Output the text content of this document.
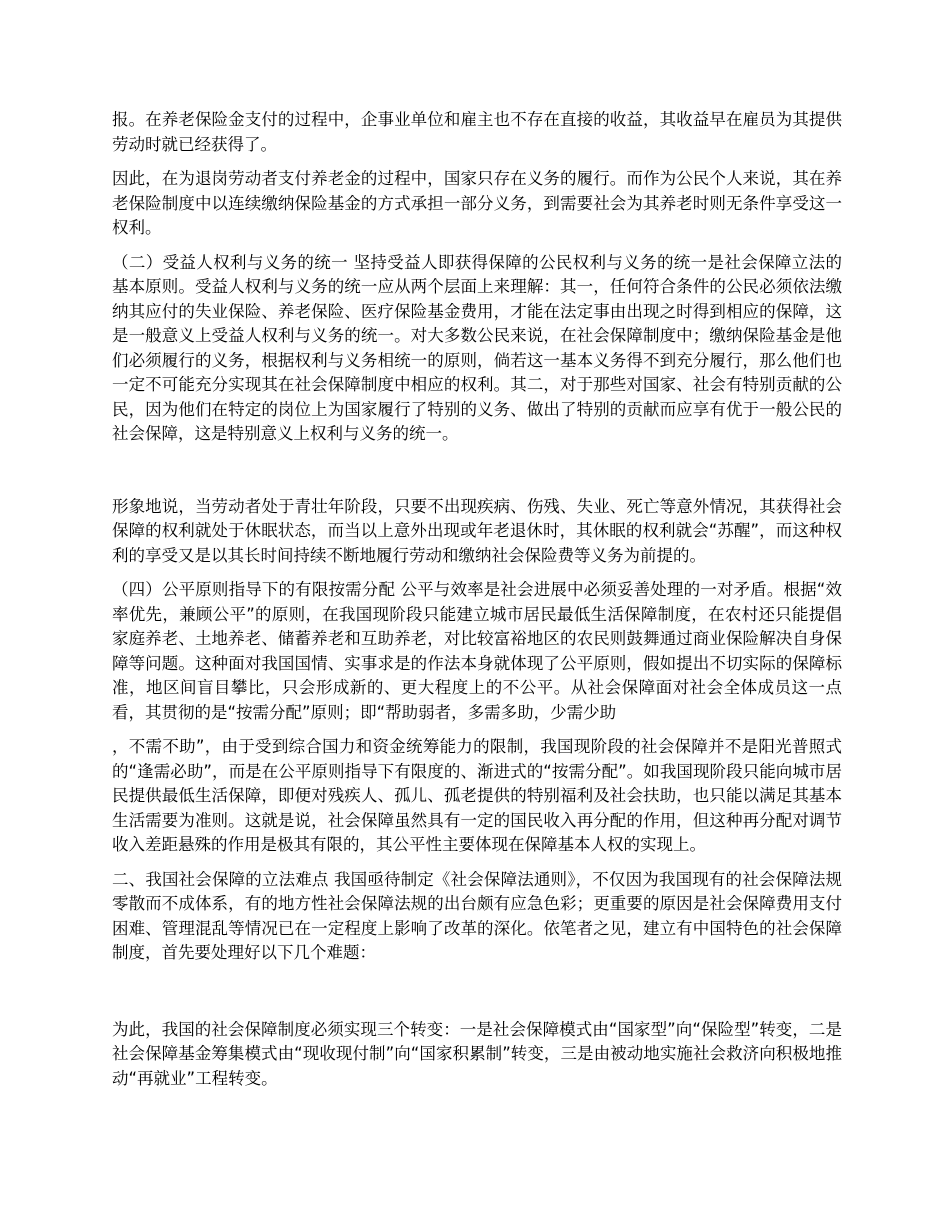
报。在养老保险金支付的过程中，企事业单位和雇主也不存在直接的收益，其收益早在雇员为其提供劳动时就已经获得了。

因此，在为退岗劳动者支付养老金的过程中，国家只存在义务的履行。而作为公民个人来说，其在养老保险制度中以连续缴纳保险基金的方式承担一部分义务，到需要社会为其养老时则无条件享受这一权利。

（二）受益人权利与义务的统一 坚持受益人即获得保障的公民权利与义务的统一是社会保障立法的基本原则。受益人权利与义务的统一应从两个层面上来理解：其一，任何符合条件的公民必须依法缴纳其应付的失业保险、养老保险、医疗保险基金费用，才能在法定事由出现之时得到相应的保障，这是一般意义上受益人权利与义务的统一。对大多数公民来说，在社会保障制度中；缴纳保险基金是他们必须履行的义务，根据权利与义务相统一的原则，倘若这一基本义务得不到充分履行，那么他们也一定不可能充分实现其在社会保障制度中相应的权利。其二，对于那些对国家、社会有特别贡献的公民，因为他们在特定的岗位上为国家履行了特别的义务、做出了特别的贡献而应享有优于一般公民的社会保障，这是特别意义上权利与义务的统一。

形象地说，当劳动者处于青壮年阶段，只要不出现疾病、伤残、失业、死亡等意外情况，其获得社会保障的权利就处于休眠状态，而当以上意外出现或年老退休时，其休眠的权利就会“苏醒”，而这种权利的享受又是以其长时间持续不断地履行劳动和缴纳社会保险费等义务为前提的。

（四）公平原则指导下的有限按需分配 公平与效率是社会进展中必须妥善处理的一对矛盾。根据“效率优先，兼顾公平”的原则，在我国现阶段只能建立城市居民最低生活保障制度，在农村还只能提倡家庭养老、土地养老、储蓄养老和互助养老，对比较富裕地区的农民则鼓舞通过商业保险解决自身保障等问题。这种面对我国国情、实事求是的作法本身就体现了公平原则，假如提出不切实际的保障标准，地区间盲目攀比，只会形成新的、更大程度上的不公平。从社会保障面对社会全体成员这一点看，其贯彻的是“按需分配”原则；即“帮助弱者，多需多助，少需少助

，不需不助”，由于受到综合国力和资金统筹能力的限制，我国现阶段的社会保障并不是阳光普照式的“逢需必助”，而是在公平原则指导下有限度的、渐进式的“按需分配”。如我国现阶段只能向城市居民提供最低生活保障，即便对残疾人、孤儿、孤老提供的特别福利及社会扶助，也只能以满足其基本生活需要为准则。这就是说，社会保障虽然具有一定的国民收入再分配的作用，但这种再分配对调节收入差距悬殊的作用是极其有限的，其公平性主要体现在保障基本人权的实现上。

二、我国社会保障的立法难点 我国亟待制定《社会保障法通则》，不仅因为我国现有的社会保障法规零散而不成体系，有的地方性社会保障法规的出台颇有应急色彩；更重要的原因是社会保障费用支付困难、管理混乱等情况已在一定程度上影响了改革的深化。依笔者之见，建立有中国特色的社会保障制度，首先要处理好以下几个难题：

为此，我国的社会保障制度必须实现三个转变：一是社会保障模式由“国家型”向“保险型”转变，二是社会保障基金筹集模式由“现收现付制”向“国家积累制”转变，三是由被动地实施社会救济向积极地推动“再就业”工程转变。
